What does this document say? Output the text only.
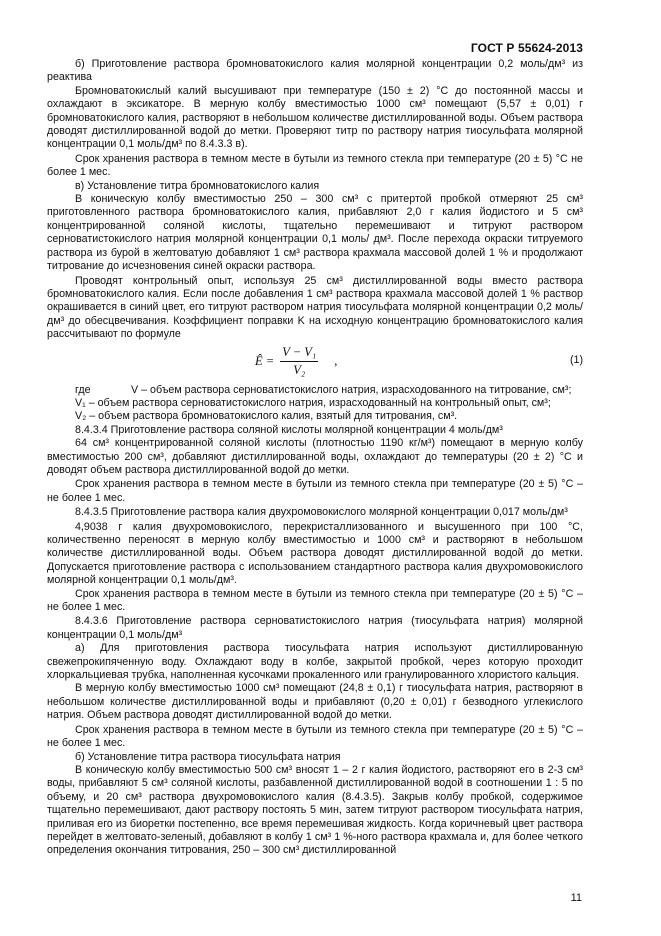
ГОСТ Р 55624-2013

б) Приготовление раствора бромноватокислого калия молярной концентрации 0,2 моль/дм³ из реактива

Бромноватокислый калий высушивают при температуре (150 ± 2) °C до постоянной массы и охлаждают в эксикаторе. В мерную колбу вместимостью 1000 см³ помещают (5,57 ± 0,01) г бромноватокислого калия, растворяют в небольшом количестве дистиллированной воды. Объем раствора доводят дистиллированной водой до метки. Проверяют титр по раствору натрия тиосульфата молярной концентрации 0,1 моль/дм³ по 8.4.3.3 в).

Срок хранения раствора в темном месте в бутыли из темного стекла при температуре (20 ± 5) °C не более 1 мес.

в) Установление титра бромноватокислого калия

В коническую колбу вместимостью 250 – 300 см³ с притертой пробкой отмеряют 25 см³ приготовленного раствора бромноватокислого калия, прибавляют 2,0 г калия йодистого и 5 см³ концентрированной соляной кислоты, тщательно перемешивают и титруют раствором серноватистокислого натрия молярной концентрации 0,1 моль/ дм³. После перехода окраски титруемого раствора из бурой в желтоватую добавляют 1 см³ раствора крахмала массовой долей 1 % и продолжают титрование до исчезновения синей окраски раствора.

Проводят контрольный опыт, используя 25 см³ дистиллированной воды вместо раствора бромноватокислого калия. Если после добавления 1 см³ раствора крахмала массовой долей 1 % раствор окрашивается в синий цвет, его титруют раствором натрия тиосульфата молярной концентрации 0,2 моль/дм³ до обесцвечивания. Коэффициент поправки K на исходную концентрацию бромноватокислого калия рассчитывают по формуле

Ê = $\frac{\text{V − V₁}}{\text{V₂}}$ ,	(1)
где	V – объем раствора серноватистокислого натрия, израсходованного на титрование, см³;

V₁ – объем раствора серноватистокислого натрия, израсходованный на контрольный опыт, см³;

V₂ – объем раствора бромноватокислого калия, взятый для титрования, см³.

8.4.3.4 Приготовление раствора соляной кислоты молярной концентрации 4 моль/дм³

64 см³ концентрированной соляной кислоты (плотностью 1190 кг/м³) помещают в мерную колбу вместимостью 200 см³, добавляют дистиллированной воды, охлаждают до температуры (20 ± 2) °C и доводят объем раствора дистиллированной водой до метки.

Срок хранения раствора в темном месте в бутыли из темного стекла при температуре (20 ± 5) °C – не более 1 мес.

8.4.3.5 Приготовление раствора калия двухромовокислого молярной концентрации 0,017 моль/дм³

4,9038 г калия двухромовокислого, перекристаллизованного и высушенного при 100 °C, количественно переносят в мерную колбу вместимостью и 1000 см³ и растворяют в небольшом количестве дистиллированной воды. Объем раствора доводят дистиллированной водой до метки. Допускается приготовление раствора с использованием стандартного раствора калия двухромовокислого молярной концентрации 0,1 моль/дм³.

Срок хранения раствора в темном месте в бутыли из темного стекла при температуре (20 ± 5) °C – не более 1 мес.

8.4.3.6 Приготовление раствора серноватистокислого натрия (тиосульфата натрия) молярной концентрации 0,1 моль/дм³

а) Для приготовления раствора тиосульфата натрия используют дистиллированную свежепрокипяченную воду. Охлаждают воду в колбе, закрытой пробкой, через которую проходит хлоркальциевая трубка, наполненная кусочками прокаленного или гранулированного хлористого кальция.

В мерную колбу вместимостью 1000 см³ помещают (24,8 ± 0,1) г тиосульфата натрия, растворяют в небольшом количестве дистиллированной воды и прибавляют (0,20 ± 0,01) г безводного углекислого натрия. Объем раствора доводят дистиллированной водой до метки.

Срок хранения раствора в темном месте в бутыли из темного стекла при температуре (20 ± 5) °C – не более 1 мес.

б) Установление титра раствора тиосульфата натрия

В коническую колбу вместимостью 500 см³ вносят 1 – 2 г калия йодистого, растворяют его в 2-3 см³ воды, прибавляют 5 см³ соляной кислоты, разбавленной дистиллированной водой в соотношении 1 : 5 по объему, и 20 см³ раствора двухромовокислого калия (8.4.3.5). Закрыв колбу пробкой, содержимое тщательно перемешивают, дают раствору постоять 5 мин, затем титруют раствором тиосульфата натрия, приливая его из биоретки постепенно, все время перемешивая жидкость. Когда коричневый цвет раствора перейдет в желтовато-зеленый, добавляют в колбу 1 см³ 1 %-ного раствора крахмала и, для более четкого определения окончания титрования, 250 – 300 см³ дистиллированной

11
